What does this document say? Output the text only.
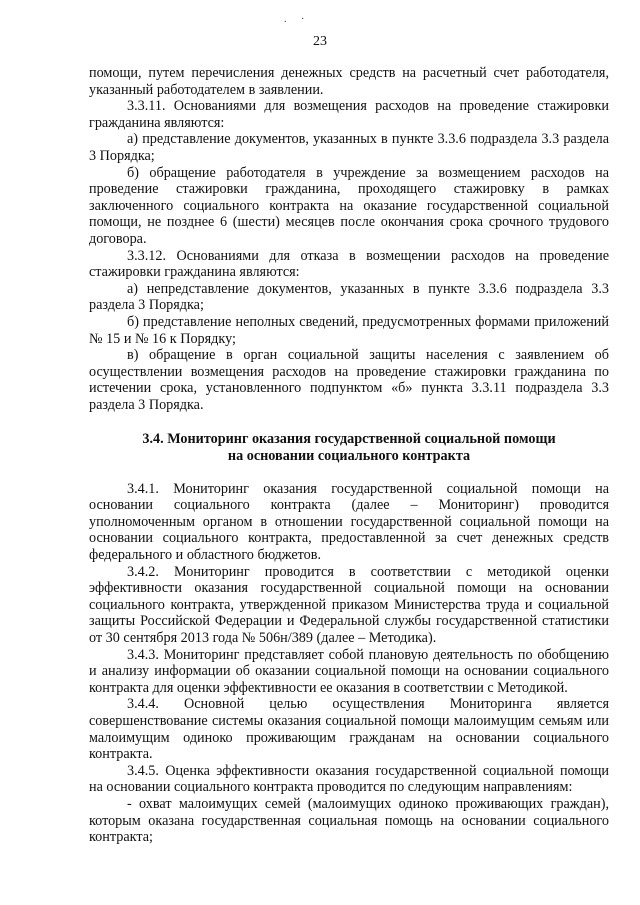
. ·
23

помощи, путем перечисления денежных средств на расчетный счет работодателя, указанный работодателем в заявлении.

3.3.11. Основаниями для возмещения расходов на проведение стажировки гражданина являются:

а) представление документов, указанных в пункте 3.3.6 подраздела 3.3 раздела 3 Порядка;

б) обращение работодателя в учреждение за возмещением расходов на проведение стажировки гражданина, проходящего стажировку в рамках заключенного социального контракта на оказание государственной социальной помощи, не позднее 6 (шести) месяцев после окончания срока срочного трудового договора.

3.3.12. Основаниями для отказа в возмещении расходов на проведение стажировки гражданина являются:

а) непредставление документов, указанных в пункте 3.3.6 подраздела 3.3 раздела 3 Порядка;

б) представление неполных сведений, предусмотренных формами приложений № 15 и № 16 к Порядку;

в) обращение в орган социальной защиты населения с заявлением об осуществлении возмещения расходов на проведение стажировки гражданина по истечении срока, установленного подпунктом «б» пункта 3.3.11 подраздела 3.3 раздела 3 Порядка.

3.4. Мониторинг оказания государственной социальной помощи
на основании социального контракта

3.4.1. Мониторинг оказания государственной социальной помощи на основании социального контракта (далее – Мониторинг) проводится уполномоченным органом в отношении государственной социальной помощи на основании социального контракта, предоставленной за счет денежных средств федерального и областного бюджетов.

3.4.2. Мониторинг проводится в соответствии с методикой оценки эффективности оказания государственной социальной помощи на основании социального контракта, утвержденной приказом Министерства труда и социальной защиты Российской Федерации и Федеральной службы государственной статистики от 30 сентября 2013 года № 506н/389 (далее – Методика).

3.4.3. Мониторинг представляет собой плановую деятельность по обобщению и анализу информации об оказании социальной помощи на основании социального контракта для оценки эффективности ее оказания в соответствии с Методикой.

3.4.4. Основной целью осуществления Мониторинга является совершенствование системы оказания социальной помощи малоимущим семьям или малоимущим одиноко проживающим гражданам на основании социального контракта.

3.4.5. Оценка эффективности оказания государственной социальной помощи на основании социального контракта проводится по следующим направлениям:

- охват малоимущих семей (малоимущих одиноко проживающих граждан), которым оказана государственная социальная помощь на основании социального контракта;
